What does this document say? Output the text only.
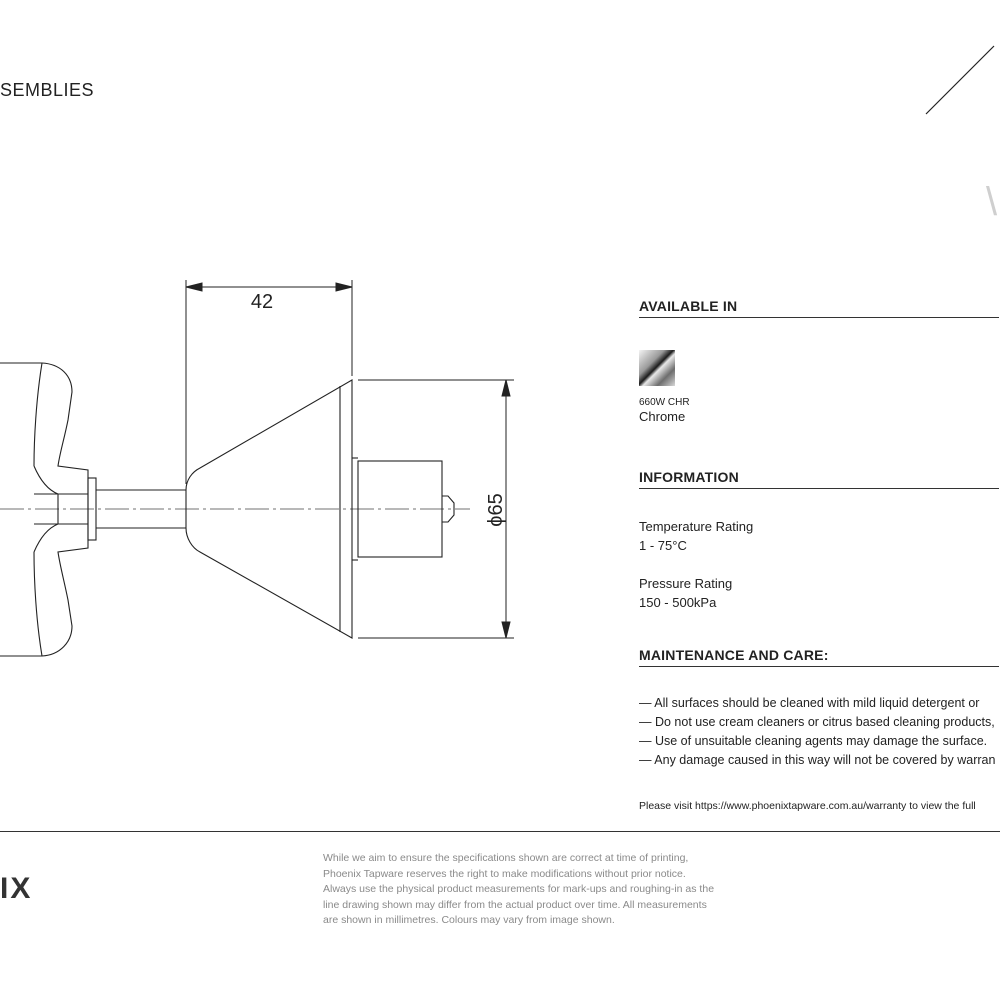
SEMBLIES
\
42
ϕ65
AVAILABLE IN
660W CHR
Chrome
INFORMATION
Temperature Rating
1 - 75°C
Pressure Rating
150 - 500kPa
MAINTENANCE AND CARE:
— All surfaces should be cleaned with mild liquid detergent or
— Do not use cream cleaners or citrus based cleaning products,
— Use of unsuitable cleaning agents may damage the surface.
— Any damage caused in this way will not be covered by warran
Please visit https://www.phoenixtapware.com.au/warranty to view the full
IX
While we aim to ensure the specifications shown are correct at time of printing,
Phoenix Tapware reserves the right to make modifications without prior notice.
Always use the physical product measurements for mark-ups and roughing-in as the
line drawing shown may differ from the actual product over time. All measurements
are shown in millimetres. Colours may vary from image shown.
